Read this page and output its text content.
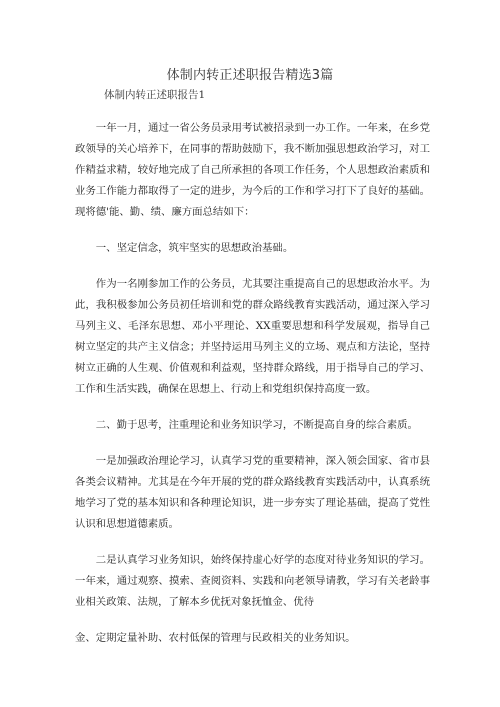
体制内转正述职报告精选3篇
体制内转正述职报告1

一年一月，通过一省公务员录用考试被招录到一办工作。一年来，在乡党政领导的关心培养下，在同事的帮助鼓励下，我不断加强思想政治学习，对工作精益求精，较好地完成了自己所承担的各项工作任务，个人思想政治素质和业务工作能力都取得了一定的进步，为今后的工作和学习打下了良好的基础。现将德'能、勤、绩、廉方面总结如下：

一、坚定信念，筑牢坚实的思想政治基础。

作为一名刚参加工作的公务员，尤其要注重提高自己的思想政治水平。为此，我积极参加公务员初任培训和党的群众路线教育实践活动，通过深入学习马列主义、毛泽东思想、邓小平理论、XX重要思想和科学发展观，指导自己树立坚定的共产主义信念；并坚持运用马列主义的立场、观点和方法论，坚持树立正确的人生观、价值观和利益观，坚持群众路线，用于指导自己的学习、工作和生活实践，确保在思想上、行动上和党组织保持高度一致。

二、勤于思考，注重理论和业务知识学习，不断提高自身的综合素质。

一是加强政治理论学习，认真学习党的重要精神，深入领会国家、省市县各类会议精神。尤其是在今年开展的党的群众路线教育实践活动中，认真系统地学习了党的基本知识和各种理论知识，进一步夯实了理论基础，提高了党性认识和思想道德素质。

二是认真学习业务知识，始终保持虚心好学的态度对待业务知识的学习。一年来，通过观察、摸索、查阅资料、实践和向老领导请教，学习有关老龄事业相关政策、法规，了解本乡优抚对象抚恤金、优待

金、定期定量补助、农村低保的管理与民政相关的业务知识。
